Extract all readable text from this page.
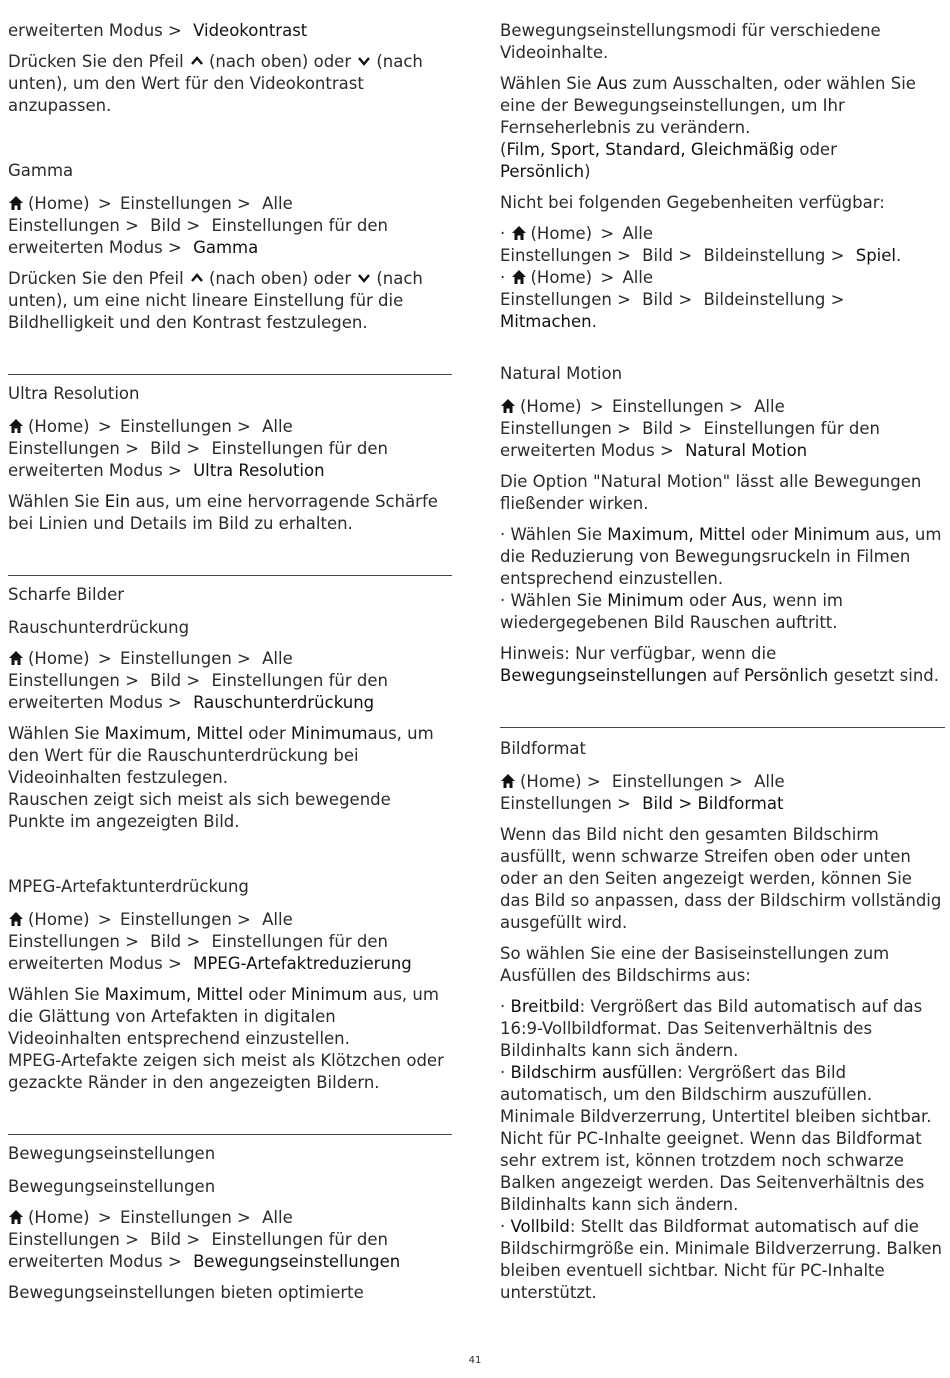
erweiterten Modus > Videokontrast

Drücken Sie den Pfeil (nach oben) oder (nach unten), um den Wert für den Videokontrast anzupassen.

Gamma

(Home) > Einstellungen > Alle
Einstellungen > Bild > Einstellungen für den
erweiterten Modus > Gamma

Drücken Sie den Pfeil (nach oben) oder (nach unten), um eine nicht lineare Einstellung für die Bildhelligkeit und den Kontrast festzulegen.

Ultra Resolution

(Home) > Einstellungen > Alle
Einstellungen > Bild > Einstellungen für den
erweiterten Modus > Ultra Resolution

Wählen Sie Ein aus, um eine hervorragende Schärfe bei Linien und Details im Bild zu erhalten.

Scharfe Bilder

Rauschunterdrückung

(Home) > Einstellungen > Alle
Einstellungen > Bild > Einstellungen für den
erweiterten Modus > Rauschunterdrückung

Wählen Sie Maximum, Mittel oder Minimumaus, um den Wert für die Rauschunterdrückung bei Videoinhalten festzulegen.
Rauschen zeigt sich meist als sich bewegende Punkte im angezeigten Bild.

MPEG-Artefaktunterdrückung

(Home) > Einstellungen > Alle
Einstellungen > Bild > Einstellungen für den
erweiterten Modus > MPEG-Artefaktreduzierung

Wählen Sie Maximum, Mittel oder Minimum aus, um die Glättung von Artefakten in digitalen Videoinhalten entsprechend einzustellen.
MPEG-Artefakte zeigen sich meist als Klötzchen oder gezackte Ränder in den angezeigten Bildern.

Bewegungseinstellungen

Bewegungseinstellungen

(Home) > Einstellungen > Alle
Einstellungen > Bild > Einstellungen für den
erweiterten Modus > Bewegungseinstellungen

Bewegungseinstellungen bieten optimierte

Bewegungseinstellungsmodi für verschiedene Videoinhalte.

Wählen Sie Aus zum Ausschalten, oder wählen Sie eine der Bewegungseinstellungen, um Ihr Fernseherlebnis zu verändern.

(Film, Sport, Standard, Gleichmäßig oder
Persönlich)

Nicht bei folgenden Gegebenheiten verfügbar:

·
(Home) > Alle
Einstellungen > Bild > Bildeinstellung > Spiel.
·
(Home) > Alle
Einstellungen > Bild > Bildeinstellung >
Mitmachen.

Natural Motion

(Home) > Einstellungen > Alle
Einstellungen > Bild > Einstellungen für den
erweiterten Modus > Natural Motion

Die Option "Natural Motion" lässt alle Bewegungen fließender wirken.

· Wählen Sie Maximum, Mittel oder Minimum aus, um die Reduzierung von Bewegungsruckeln in Filmen entsprechend einzustellen.
· Wählen Sie Minimum oder Aus, wenn im wiedergegebenen Bild Rauschen auftritt.

Hinweis: Nur verfügbar, wenn die
Bewegungseinstellungen auf Persönlich gesetzt sind.

Bildformat

(Home) > Einstellungen > Alle
Einstellungen > Bild > Bildformat

Wenn das Bild nicht den gesamten Bildschirm ausfüllt, wenn schwarze Streifen oben oder unten oder an den Seiten angezeigt werden, können Sie das Bild so anpassen, dass der Bildschirm vollständig ausgefüllt wird.

So wählen Sie eine der Basiseinstellungen zum Ausfüllen des Bildschirms aus:

· Breitbild: Vergrößert das Bild automatisch auf das 16:9-Vollbildformat. Das Seitenverhältnis des Bildinhalts kann sich ändern.
· Bildschirm ausfüllen: Vergrößert das Bild automatisch, um den Bildschirm auszufüllen. Minimale Bildverzerrung, Untertitel bleiben sichtbar. Nicht für PC-Inhalte geeignet. Wenn das Bildformat sehr extrem ist, können trotzdem noch schwarze Balken angezeigt werden. Das Seitenverhältnis des Bildinhalts kann sich ändern.
· Vollbild: Stellt das Bildformat automatisch auf die Bildschirmgröße ein. Minimale Bildverzerrung. Balken bleiben eventuell sichtbar. Nicht für PC-Inhalte unterstützt.

41
